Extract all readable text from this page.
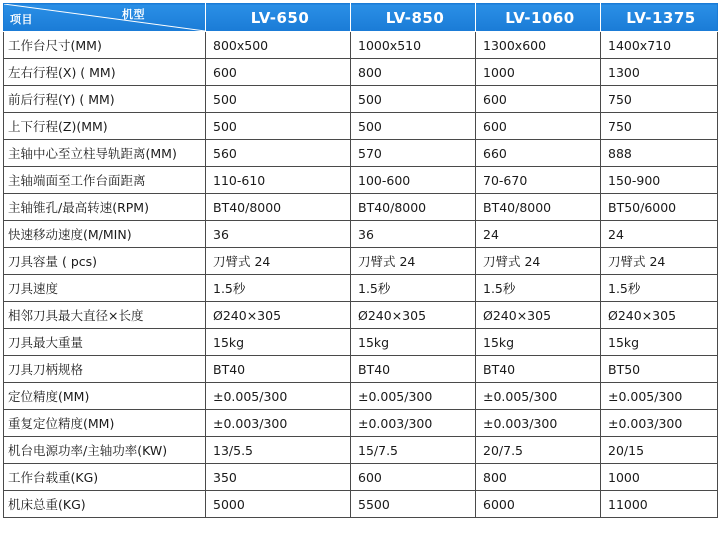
项目 机型	LV-650	LV-850	LV-1060	LV-1375
工作台尺寸(MM)	800x500	1000x510	1300x600	1400x710
左右行程(X) ( MM)	600	800	1000	1300
前后行程(Y) ( MM)	500	500	600	750
上下行程(Z)(MM)	500	500	600	750
主轴中心至立柱导轨距离(MM)	560	570	660	888
主轴端面至工作台面距离	110-610	100-600	70-670	150-900
主轴锥孔/最高转速(RPM)	BT40/8000	BT40/8000	BT40/8000	BT50/6000
快速移动速度(M/MIN)	36	36	24	24
刀具容量 ( pcs)	刀臂式 24	刀臂式 24	刀臂式 24	刀臂式 24
刀具速度	1.5秒	1.5秒	1.5秒	1.5秒
相邻刀具最大直径×长度	Ø240×305	Ø240×305	Ø240×305	Ø240×305
刀具最大重量	15kg	15kg	15kg	15kg
刀具刀柄规格	BT40	BT40	BT40	BT50
定位精度(MM)	±0.005/300	±0.005/300	±0.005/300	±0.005/300
重复定位精度(MM)	±0.003/300	±0.003/300	±0.003/300	±0.003/300
机台电源功率/主轴功率(KW)	13/5.5	15/7.5	20/7.5	20/15
工作台载重(KG)	350	600	800	1000
机床总重(KG)	5000	5500	6000	11000
